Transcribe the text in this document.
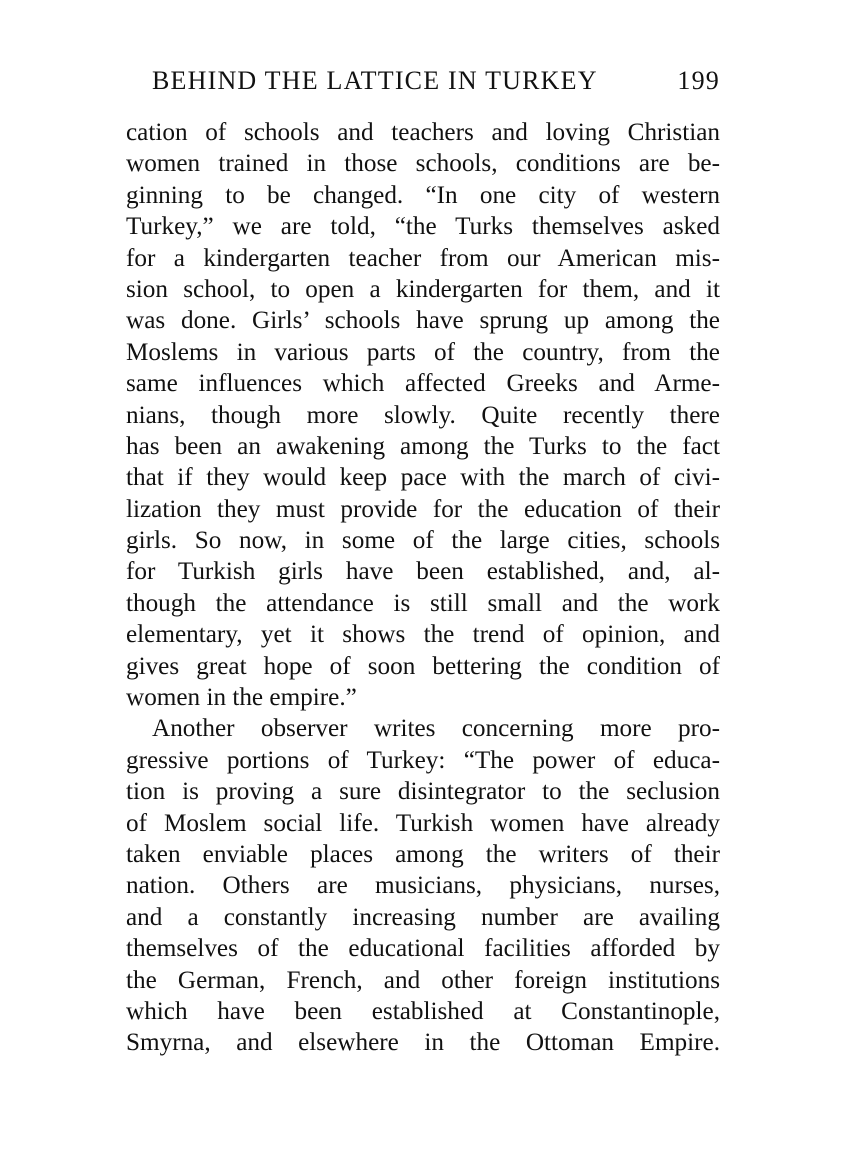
BEHIND THE LATTICE IN TURKEY	199
cation of schools and teachers and loving Christian
women trained in those schools, conditions are be-
ginning to be changed. “In one city of western
Turkey,” we are told, “the Turks themselves asked
for a kindergarten teacher from our American mis-
sion school, to open a kindergarten for them, and it
was done. Girls’ schools have sprung up among the
Moslems in various parts of the country, from the
same influences which affected Greeks and Arme-
nians, though more slowly. Quite recently there
has been an awakening among the Turks to the fact
that if they would keep pace with the march of civi-
lization they must provide for the education of their
girls. So now, in some of the large cities, schools
for Turkish girls have been established, and, al-
though the attendance is still small and the work
elementary, yet it shows the trend of opinion, and
gives great hope of soon bettering the condition of
women in the empire.”
Another observer writes concerning more pro-
gressive portions of Turkey: “The power of educa-
tion is proving a sure disintegrator to the seclusion
of Moslem social life. Turkish women have already
taken enviable places among the writers of their
nation. Others are musicians, physicians, nurses,
and a constantly increasing number are availing
themselves of the educational facilities afforded by
the German, French, and other foreign institutions
which have been established at Constantinople,
Smyrna, and elsewhere in the Ottoman Empire.
